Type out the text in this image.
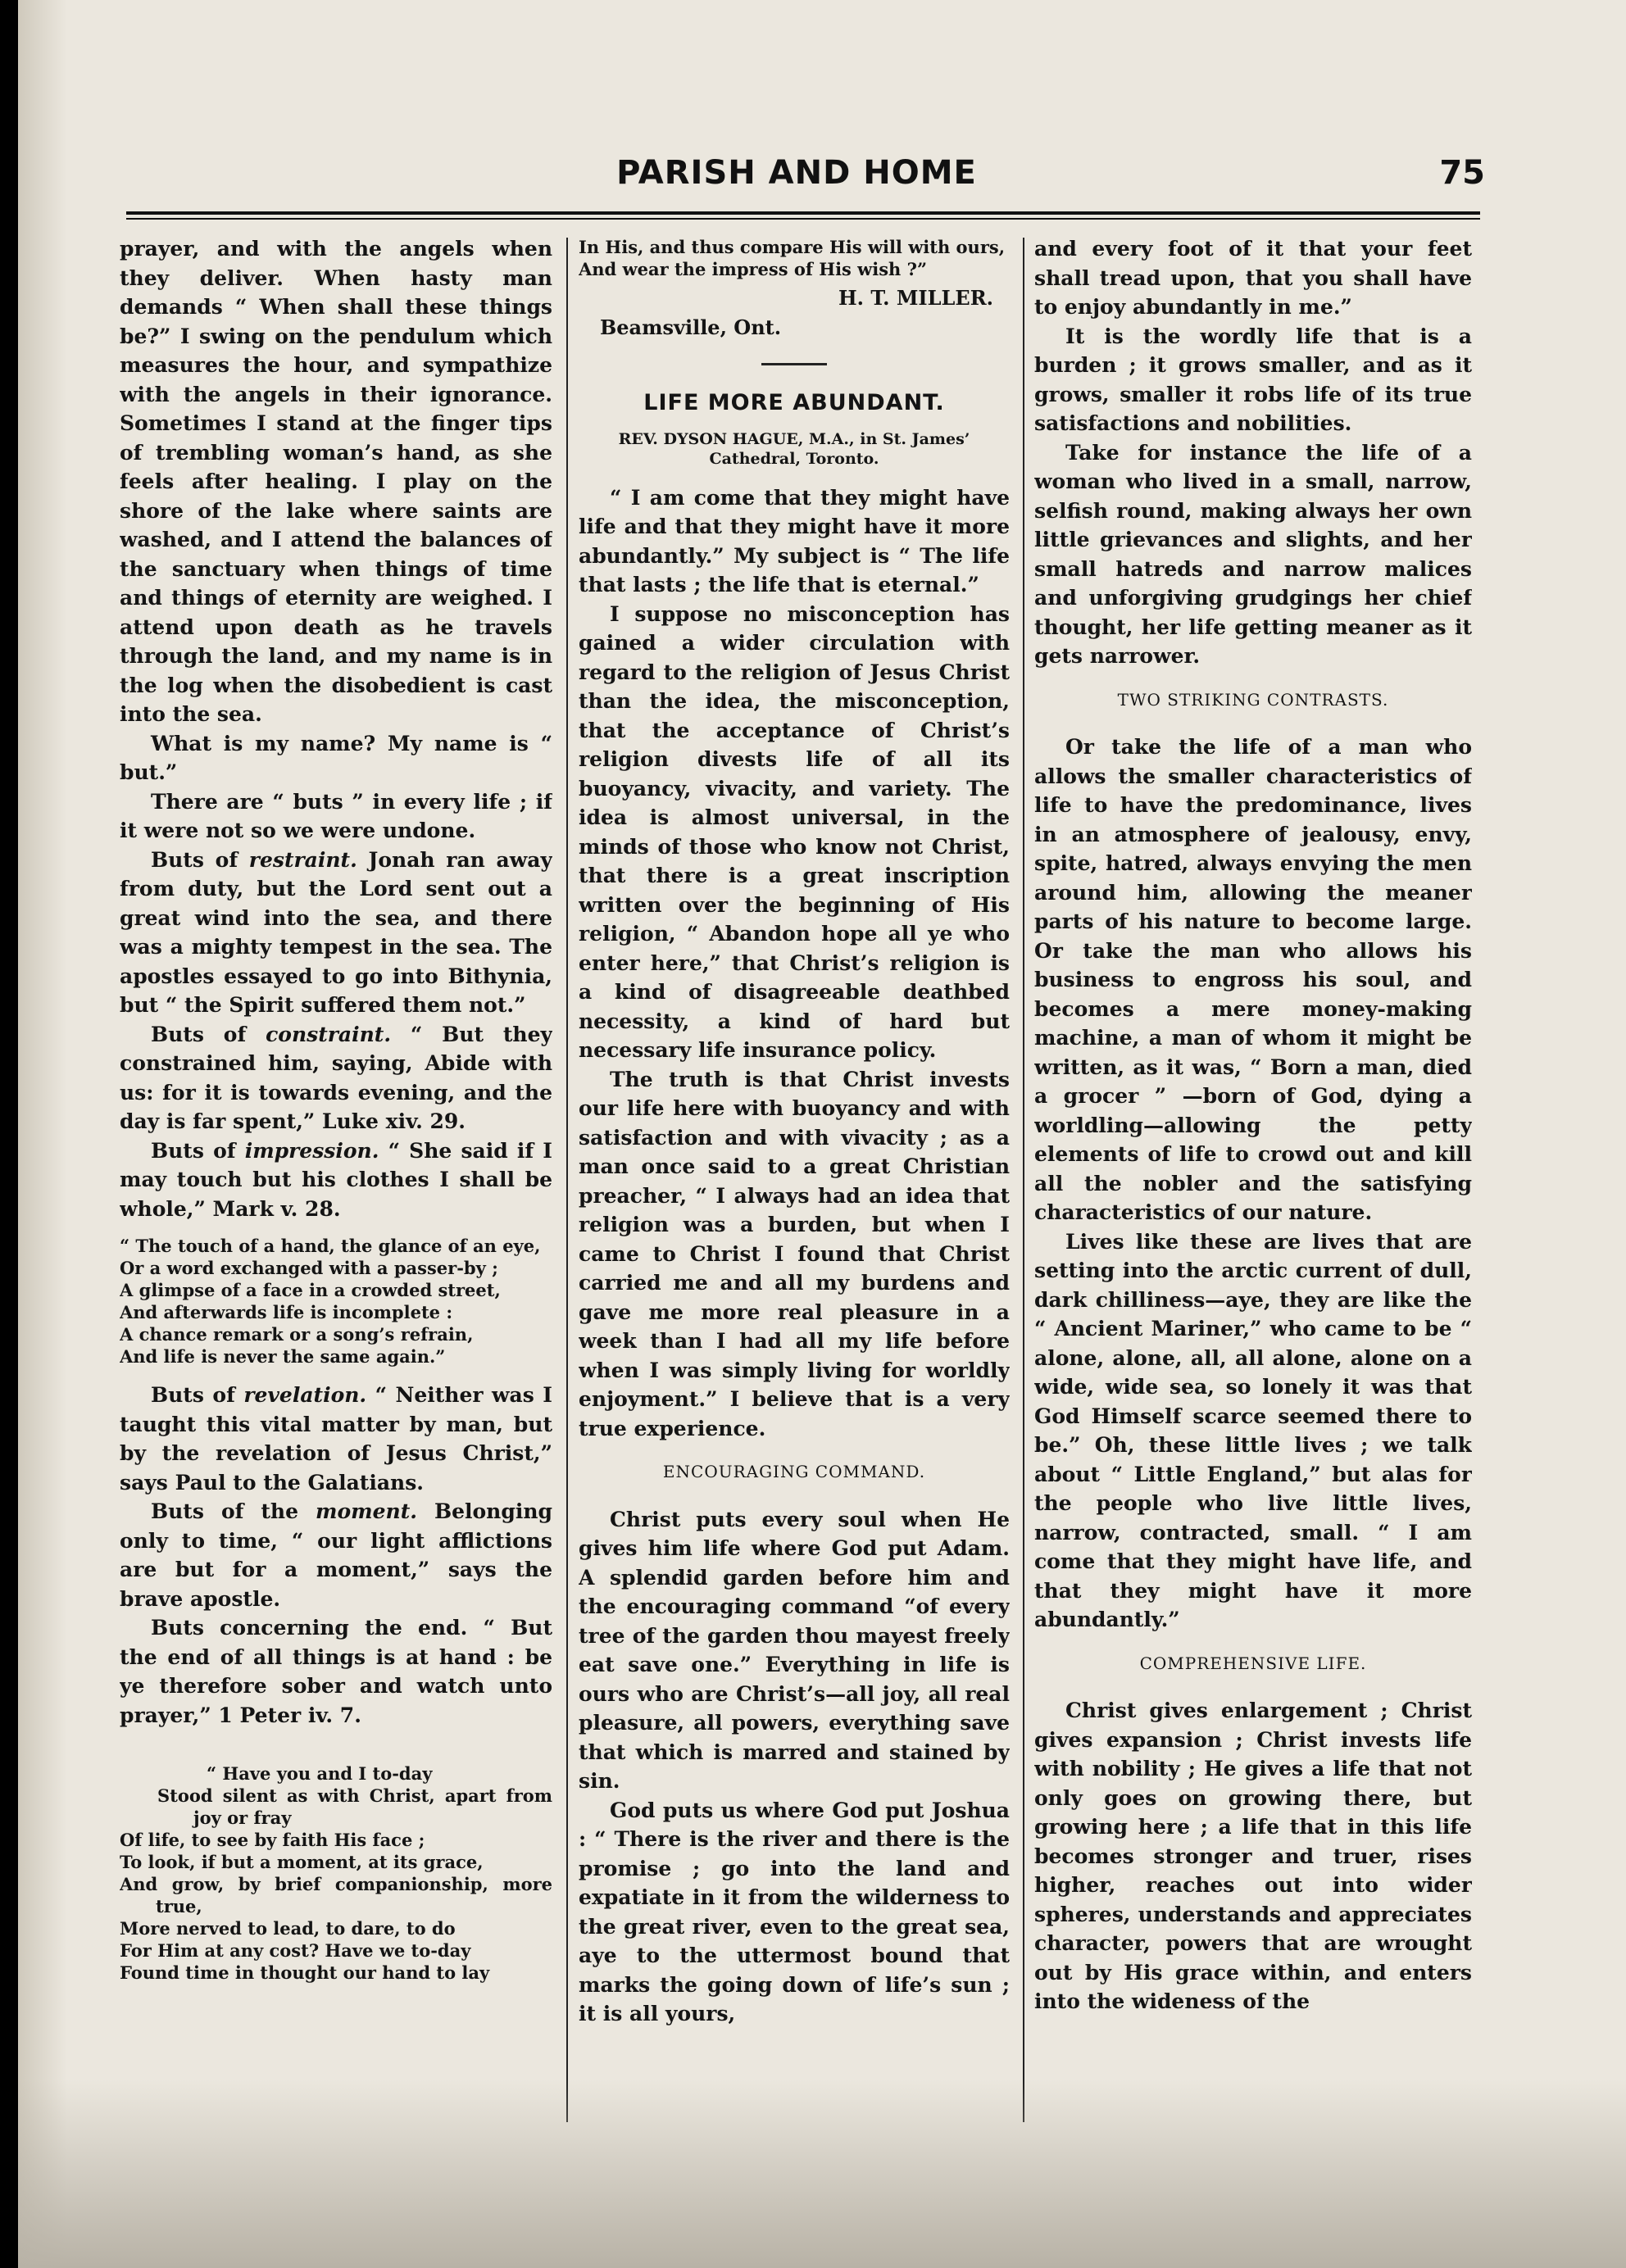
PARISH AND HOME	75

prayer, and with the angels when they deliver. When hasty man demands “ When shall these things be?” I swing on the pendulum which measures the hour, and sympathize with the angels in their ignorance. Sometimes I stand at the finger tips of trembling woman’s hand, as she feels after healing. I play on the shore of the lake where saints are washed, and I attend the balances of the sanctuary when things of time and things of eternity are weighed. I attend upon death as he travels through the land, and my name is in the log when the disobedient is cast into the sea.

What is my name? My name is “ but.”

There are “ buts ” in every life ; if it were not so we were undone.

Buts of restraint. Jonah ran away from duty, but the Lord sent out a great wind into the sea, and there was a mighty tempest in the sea. The apostles essayed to go into Bithynia, but “ the Spirit suffered them not.”

Buts of constraint. “ But they constrained him, saying, Abide with us: for it is towards evening, and the day is far spent,” Luke xiv. 29.

Buts of impression. “ She said if I may touch but his clothes I shall be whole,” Mark v. 28.

“ The touch of a hand, the glance of an eye,
Or a word exchanged with a passer-by ;
A glimpse of a face in a crowded street,
And afterwards life is incomplete :
A chance remark or a song’s refrain,
And life is never the same again.”

Buts of revelation. “ Neither was I taught this vital matter by man, but by the revelation of Jesus Christ,” says Paul to the Galatians.

Buts of the moment. Belonging only to time, “ our light afflictions are but for a moment,” says the brave apostle.

Buts concerning the end. “ But the end of all things is at hand : be ye therefore sober and watch unto prayer,” 1 Peter iv. 7.

“ Have you and I to-day
Stood silent as with Christ, apart from joy or fray
Of life, to see by faith His face ;
To look, if but a moment, at its grace,
And grow, by brief companionship, more true,
More nerved to lead, to dare, to do
For Him at any cost? Have we to-day
Found time in thought our hand to lay
In His, and thus compare His will with ours,
And wear the impress of His wish ?”

H. T. MILLER.

Beamsville, Ont.

LIFE MORE ABUNDANT.
REV. DYSON HAGUE, M.A., in St. James’
Cathedral, Toronto.

“ I am come that they might have life and that they might have it more abundantly.” My subject is “ The life that lasts ; the life that is eternal.”

I suppose no misconception has gained a wider circulation with regard to the religion of Jesus Christ than the idea, the misconception, that the acceptance of Christ’s religion divests life of all its buoyancy, vivacity, and variety. The idea is almost universal, in the minds of those who know not Christ, that there is a great inscription written over the beginning of His religion, “ Abandon hope all ye who enter here,” that Christ’s religion is a kind of disagreeable deathbed necessity, a kind of hard but necessary life insurance policy.

The truth is that Christ invests our life here with buoyancy and with satisfaction and with vivacity ; as a man once said to a great Christian preacher, “ I always had an idea that religion was a burden, but when I came to Christ I found that Christ carried me and all my burdens and gave me more real pleasure in a week than I had all my life before when I was simply living for worldly enjoyment.” I believe that is a very true experience.

ENCOURAGING COMMAND.

Christ puts every soul when He gives him life where God put Adam. A splendid garden before him and the encouraging command “of every tree of the garden thou mayest freely eat save one.” Everything in life is ours who are Christ’s—all joy, all real pleasure, all powers, everything save that which is marred and stained by sin.

God puts us where God put Joshua : “ There is the river and there is the promise ; go into the land and expatiate in it from the wilderness to the great river, even to the great sea, aye to the uttermost bound that marks the going down of life’s sun ; it is all yours,

and every foot of it that your feet shall tread upon, that you shall have to enjoy abundantly in me.”

It is the wordly life that is a burden ; it grows smaller, and as it grows, smaller it robs life of its true satisfactions and nobilities.

Take for instance the life of a woman who lived in a small, narrow, selfish round, making always her own little grievances and slights, and her small hatreds and narrow malices and unforgiving grudgings her chief thought, her life getting meaner as it gets narrower.

TWO STRIKING CONTRASTS.

Or take the life of a man who allows the smaller characteristics of life to have the predominance, lives in an atmosphere of jealousy, envy, spite, hatred, always envying the men around him, allowing the meaner parts of his nature to become large. Or take the man who allows his business to engross his soul, and becomes a mere money-making machine, a man of whom it might be written, as it was, “ Born a man, died a grocer ” —born of God, dying a worldling—allowing the petty elements of life to crowd out and kill all the nobler and the satisfying characteristics of our nature.

Lives like these are lives that are setting into the arctic current of dull, dark chilliness—aye, they are like the “ Ancient Mariner,” who came to be “ alone, alone, all, all alone, alone on a wide, wide sea, so lonely it was that God Himself scarce seemed there to be.” Oh, these little lives ; we talk about “ Little England,” but alas for the people who live little lives, narrow, contracted, small. “ I am come that they might have life, and that they might have it more abundantly.”

COMPREHENSIVE LIFE.

Christ gives enlargement ; Christ gives expansion ; Christ invests life with nobility ; He gives a life that not only goes on growing there, but growing here ; a life that in this life becomes stronger and truer, rises higher, reaches out into wider spheres, understands and appreciates character, powers that are wrought out by His grace within, and enters into the wideness of the
